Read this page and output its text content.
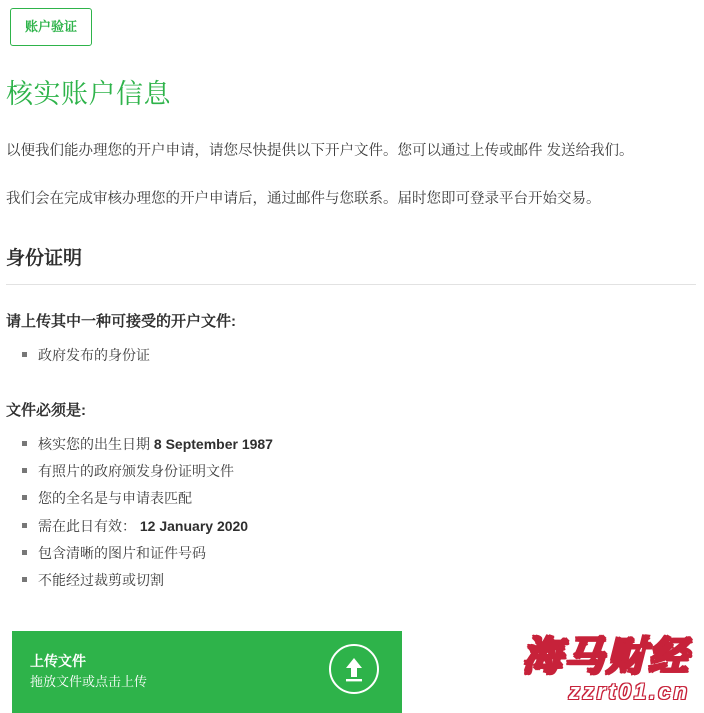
账户验证
核实账户信息

以便我们能办理您的开户申请，请您尽快提供以下开户文件。您可以通过上传或邮件 发送给我们。

我们会在完成审核办理您的开户申请后，通过邮件与您联系。届时您即可登录平台开始交易。

身份证明
请上传其中一种可接受的开户文件:
政府发布的身份证
文件必须是:
核实您的出生日期 8 September 1987
有照片的政府颁发身份证明文件
您的全名是与申请表匹配
需在此日有效： 12 January 2020
包含清晰的图片和证件号码
不能经过裁剪或切割
上传文件
拖放文件或点击上传
海马财经
zzrt01.cn
